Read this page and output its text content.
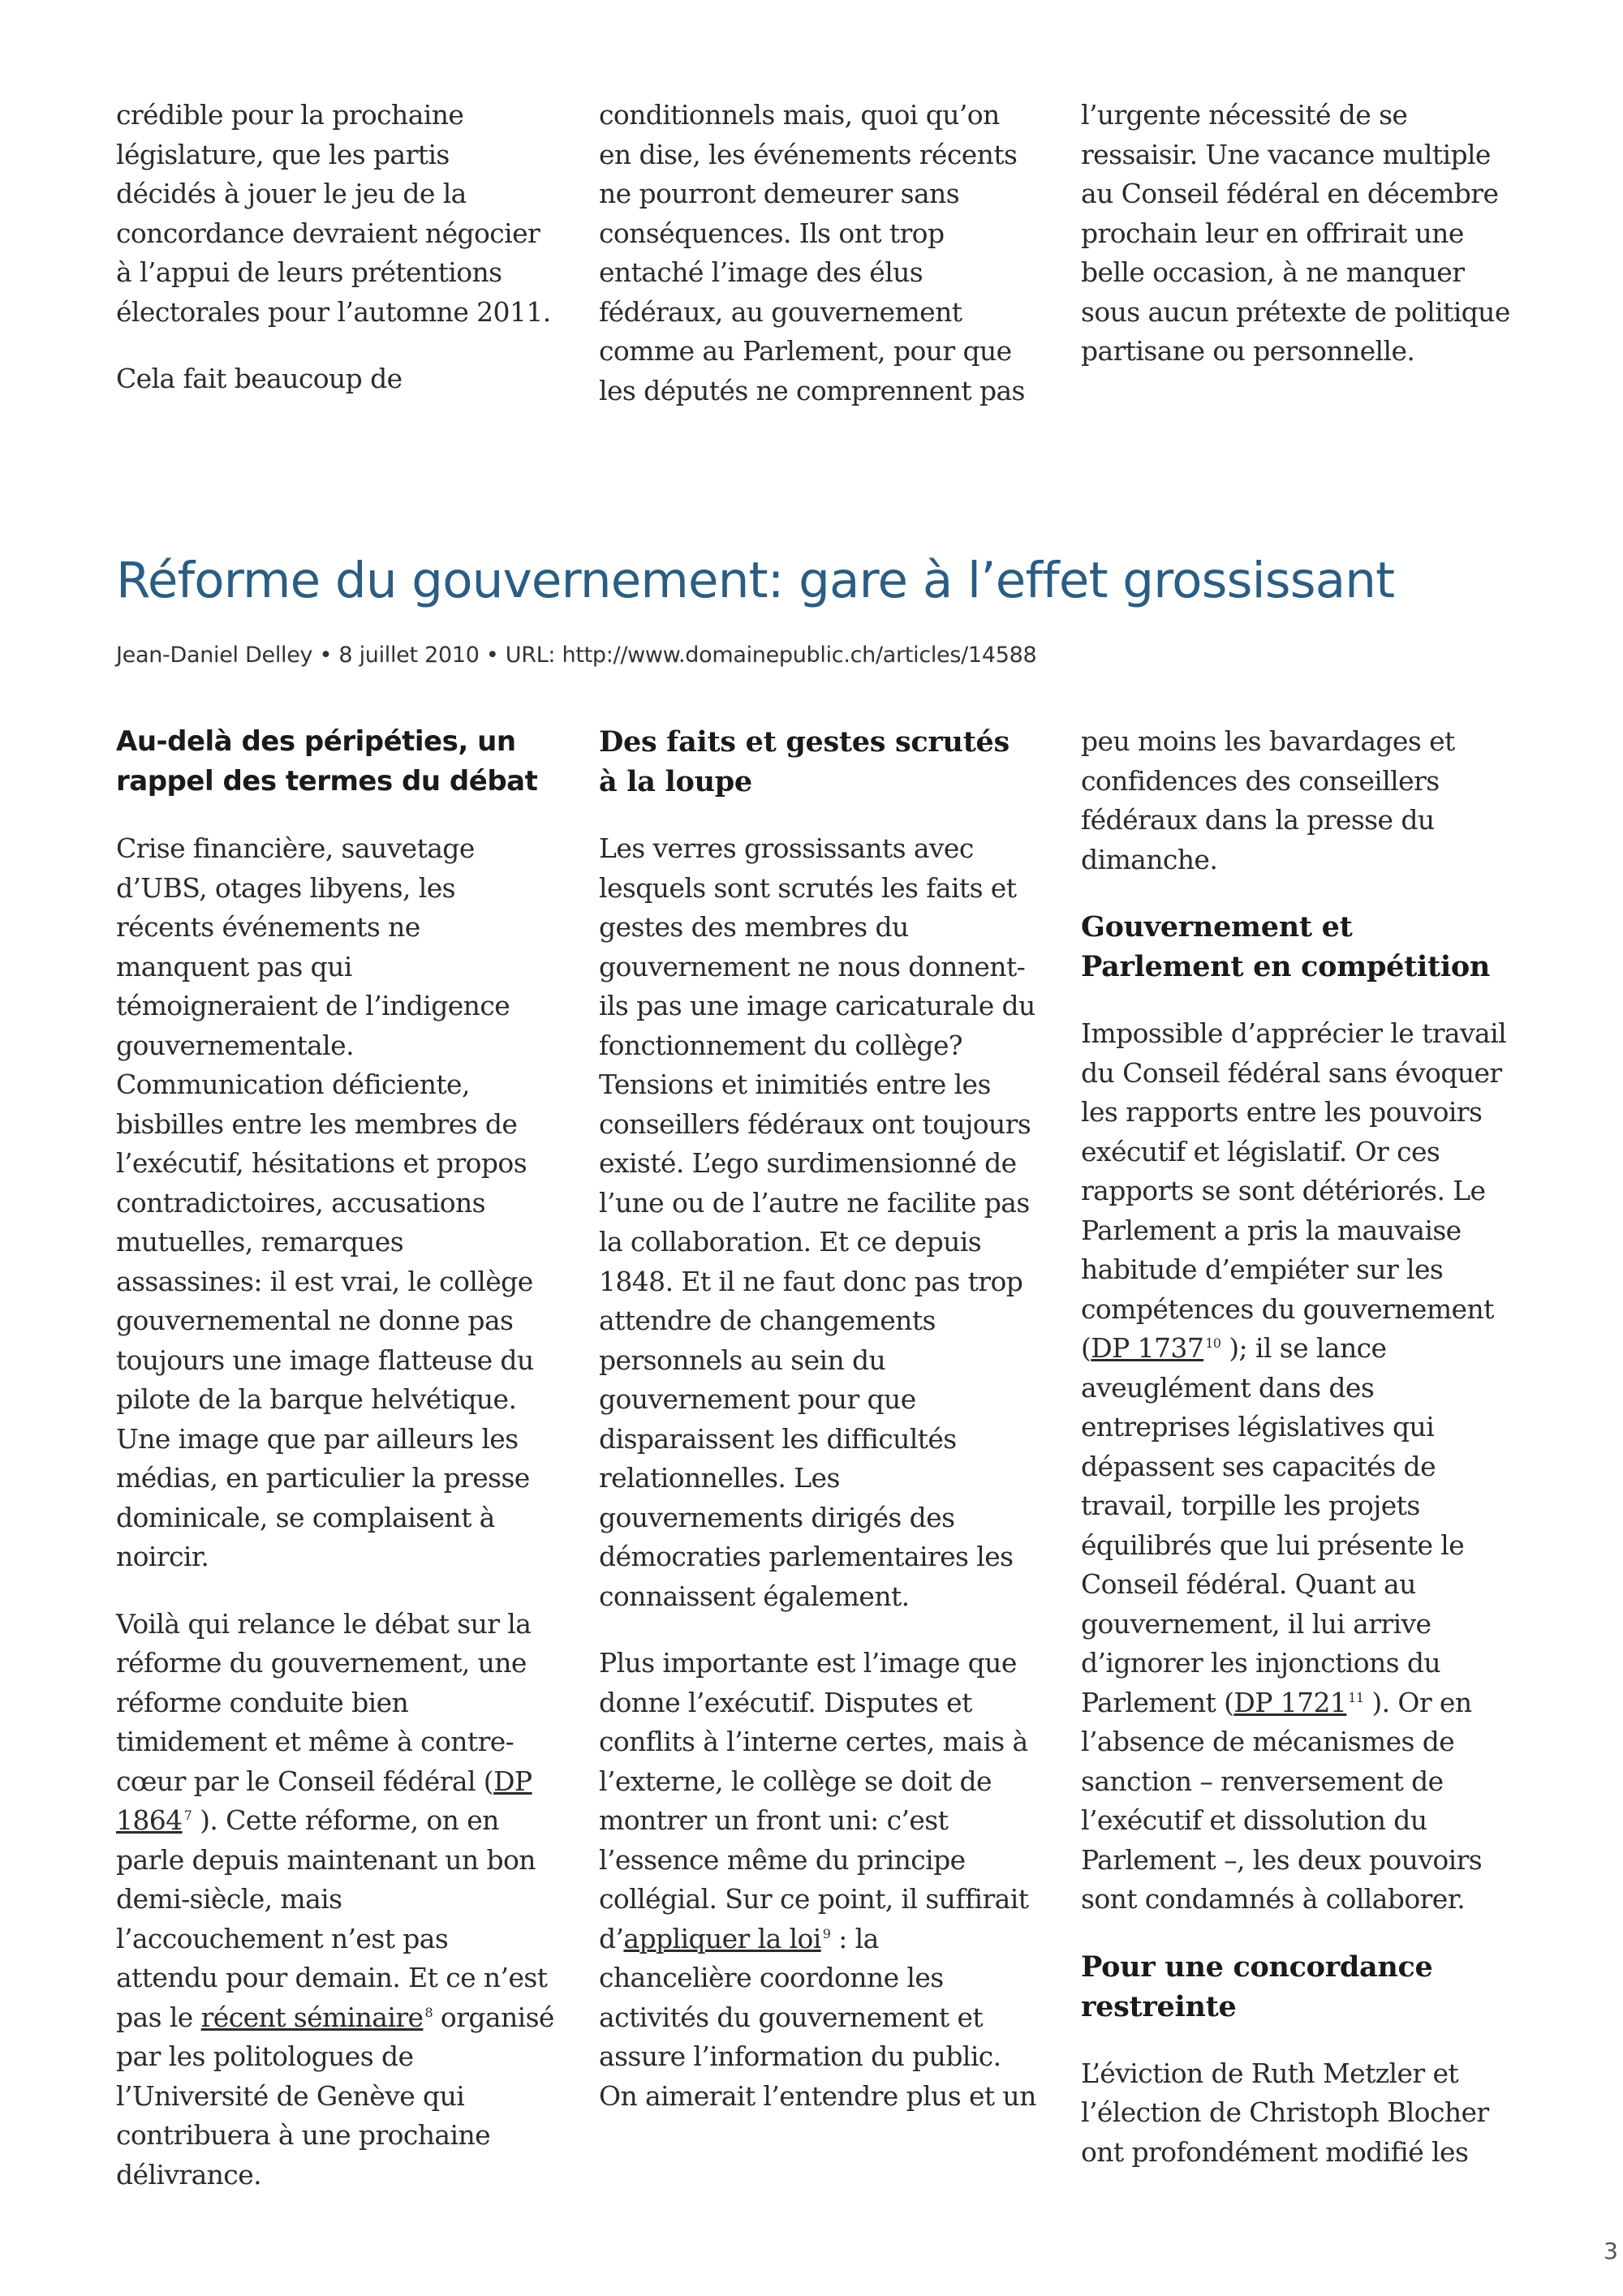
crédible pour la prochaine législature, que les partis décidés à jouer le jeu de la concordance devraient négocier à l’appui de leurs prétentions électorales pour l’automne 2011.

Cela fait beaucoup de

conditionnels mais, quoi qu’on en dise, les événements récents ne pourront demeurer sans conséquences. Ils ont trop entaché l’image des élus fédéraux, au gouvernement comme au Parlement, pour que les députés ne comprennent pas

l’urgente nécessité de se ressaisir. Une vacance multiple au Conseil fédéral en décembre prochain leur en offrirait une belle occasion, à ne manquer sous aucun prétexte de politique partisane ou personnelle.

Réforme du gouvernement: gare à l’effet grossissant
Jean-Daniel Delley • 8 juillet 2010 • URL: http://www.domainepublic.ch/articles/14588
Au-delà des péripéties, un rappel des termes du débat

Crise financière, sauvetage d’UBS, otages libyens, les récents événements ne manquent pas qui témoigneraient de l’indigence gouvernementale. Communication déficiente, bisbilles entre les membres de l’exécutif, hésitations et propos contradictoires, accusations mutuelles, remarques assassines: il est vrai, le collège gouvernemental ne donne pas toujours une image flatteuse du pilote de la barque helvétique. Une image que par ailleurs les médias, en particulier la presse dominicale, se complaisent à noircir.

Voilà qui relance le débat sur la réforme du gouvernement, une réforme conduite bien timidement et même à contre-cœur par le Conseil fédéral (DP 1864 $^7$ ). Cette réforme, on en parle depuis maintenant un bon demi-siècle, mais l’accouchement n’est pas attendu pour demain. Et ce n’est pas le récent séminaire $^8$ organisé par les politologues de l’Université de Genève qui contribuera à une prochaine délivrance.

Des faits et gestes scrutés à la loupe

Les verres grossissants avec lesquels sont scrutés les faits et gestes des membres du gouvernement ne nous donnent-ils pas une image caricaturale du fonctionnement du collège? Tensions et inimitiés entre les conseillers fédéraux ont toujours existé. L’ego surdimensionné de l’une ou de l’autre ne facilite pas la collaboration. Et ce depuis 1848. Et il ne faut donc pas trop attendre de changements personnels au sein du gouvernement pour que disparaissent les difficultés relationnelles. Les gouvernements dirigés des démocraties parlementaires les connaissent également.

Plus importante est l’image que donne l’exécutif. Disputes et conflits à l’interne certes, mais à l’externe, le collège se doit de montrer un front uni: c’est l’essence même du principe collégial. Sur ce point, il suffirait d’appliquer la loi $^9$ : la chancelière coordonne les activités du gouvernement et assure l’information du public. On aimerait l’entendre plus et un

peu moins les bavardages et confidences des conseillers fédéraux dans la presse du dimanche.

Gouvernement et Parlement en compétition

Impossible d’apprécier le travail du Conseil fédéral sans évoquer les rapports entre les pouvoirs exécutif et législatif. Or ces rapports se sont détériorés. Le Parlement a pris la mauvaise habitude d’empiéter sur les compétences du gouvernement (DP 1737 $^{10}$ ); il se lance aveuglément dans des entreprises législatives qui dépassent ses capacités de travail, torpille les projets équilibrés que lui présente le Conseil fédéral. Quant au gouvernement, il lui arrive d’ignorer les injonctions du Parlement (DP 1721 $^{11}$ ). Or en l’absence de mécanismes de sanction – renversement de l’exécutif et dissolution du Parlement –, les deux pouvoirs sont condamnés à collaborer.

Pour une concordance restreinte

L’éviction de Ruth Metzler et l’élection de Christoph Blocher ont profondément modifié les

3
